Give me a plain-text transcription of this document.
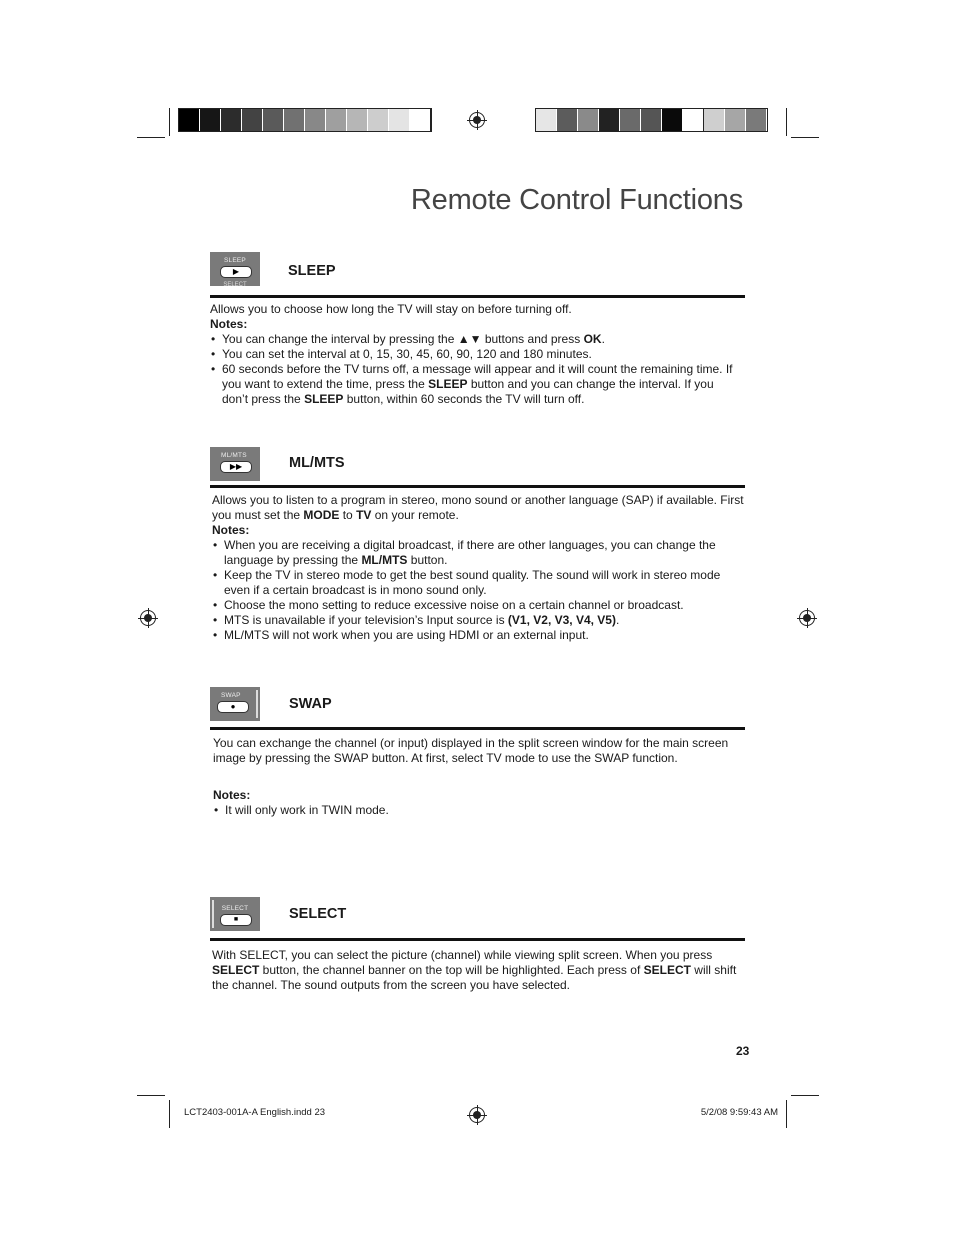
Remote Control Functions
SLEEP
▶
SELECT
SLEEP

Allows you to choose how long the TV will stay on before turning off.

Notes:

• You can change the interval by pressing the ▲▼ buttons and press OK.
• You can set the interval at 0, 15, 30, 45, 60, 90, 120 and 180 minutes.
• 60 seconds before the TV turns off, a message will appear and it will count the remaining time. If you want to extend the time, press the SLEEP button and you can change the interval. If you don’t press the SLEEP button, within 60 seconds the TV will turn off.
ML/MTS
▶▶	ML/MTS

Allows you to listen to a program in stereo, mono sound or another language (SAP) if available. First you must set the MODE to TV on your remote.

Notes:

• When you are receiving a digital broadcast, if there are other languages, you can change the language by pressing the ML/MTS button.
• Keep the TV in stereo mode to get the best sound quality. The sound will work in stereo mode even if a certain broadcast is in mono sound only.
• Choose the mono setting to reduce excessive noise on a certain channel or broadcast.
• MTS is unavailable if your television’s Input source is (V1, V2, V3, V4, V5).
• ML/MTS will not work when you are using HDMI or an external input.
SWAP
●	SWAP

You can exchange the channel (or input) displayed in the split screen window for the main screen image by pressing the SWAP button. At first, select TV mode to use the SWAP function.

Notes:

• It will only work in TWIN mode.
SELECT
■	SELECT

With SELECT, you can select the picture (channel) while viewing split screen. When you press SELECT button, the channel banner on the top will be highlighted. Each press of SELECT will shift the channel. The sound outputs from the screen you have selected.

23
LCT2403-001A-A English.indd 23	5/2/08 9:59:43 AM
